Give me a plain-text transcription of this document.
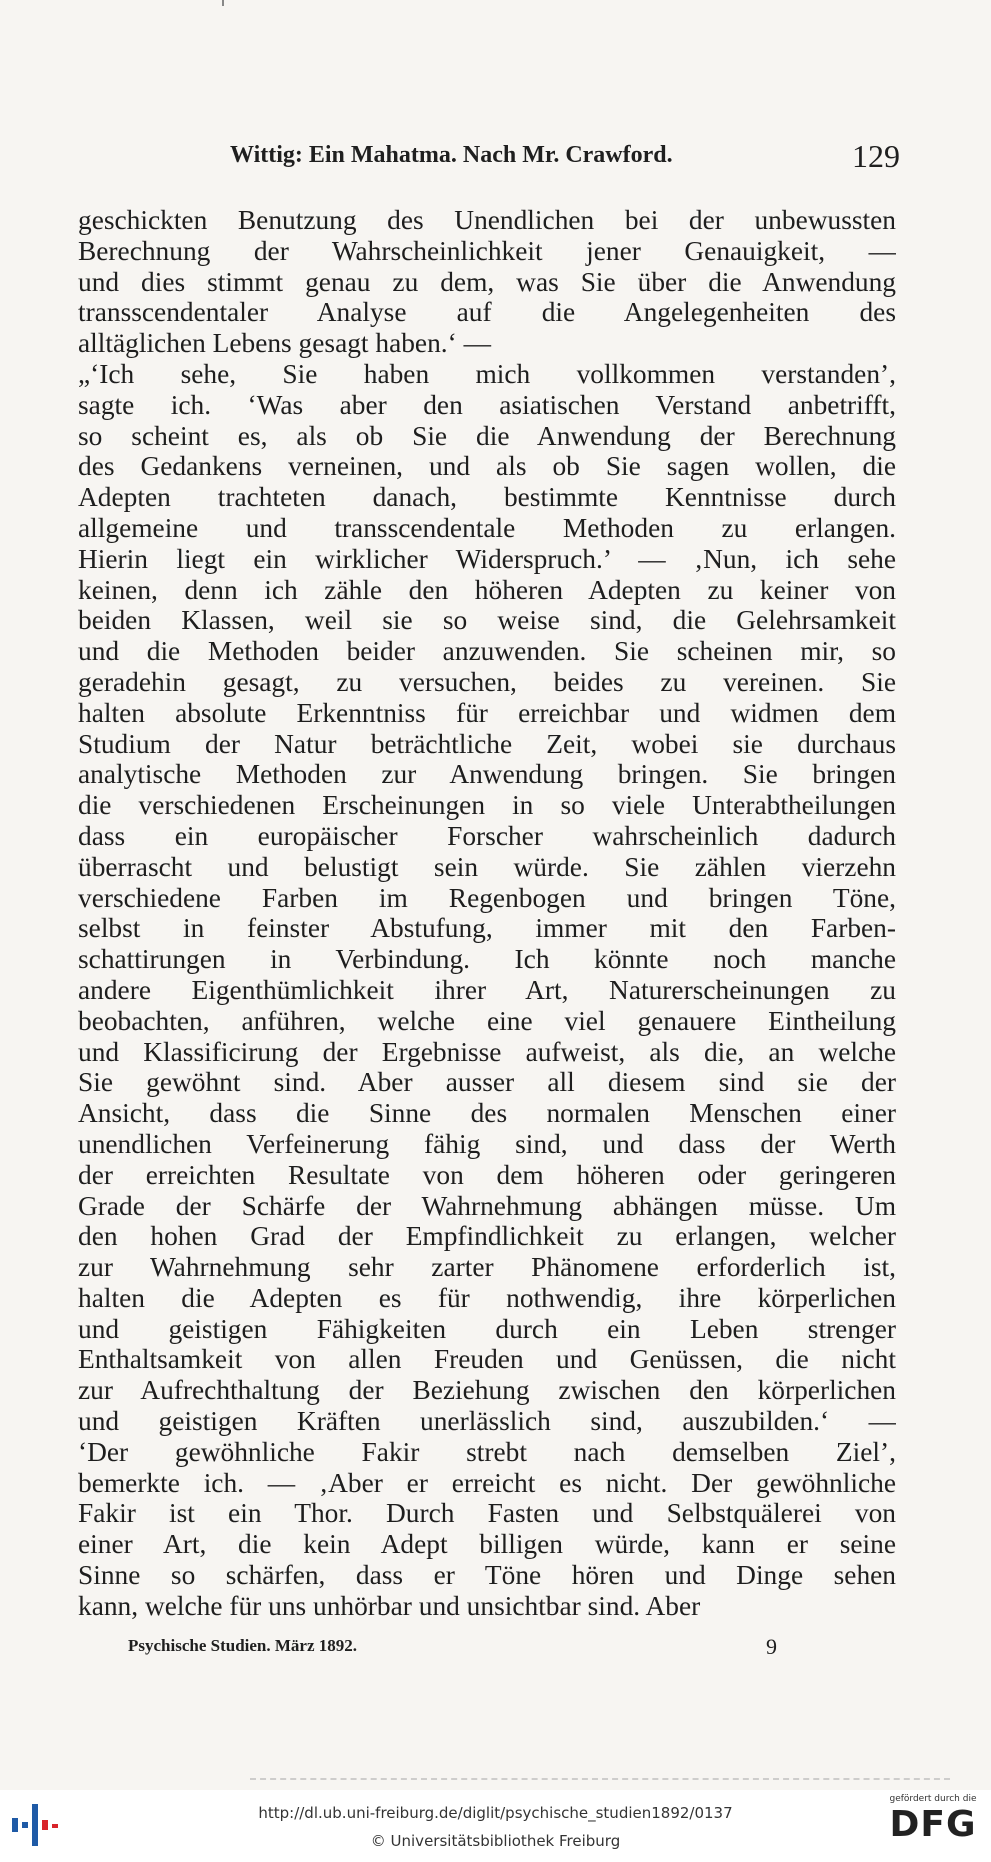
Wittig: Ein Mahatma. Nach Mr. Crawford.	129
geschickten Benutzung des Unendlichen bei der unbewussten
Berechnung der Wahrscheinlichkeit jener Genauigkeit, —
und dies stimmt genau zu dem, was Sie über die Anwendung
transscendentaler Analyse auf die Angelegenheiten des
alltäglichen Lebens gesagt haben.‘ —
„‘Ich sehe, Sie haben mich vollkommen verstanden’,
sagte ich. ‘Was aber den asiatischen Verstand anbetrifft,
so scheint es, als ob Sie die Anwendung der Berechnung
des Gedankens verneinen, und als ob Sie sagen wollen, die
Adepten trachteten danach, bestimmte Kenntnisse durch
allgemeine und transscendentale Methoden zu erlangen.
Hierin liegt ein wirklicher Widerspruch.’ — ‚Nun, ich sehe
keinen, denn ich zähle den höheren Adepten zu keiner von
beiden Klassen, weil sie so weise sind, die Gelehrsamkeit
und die Methoden beider anzuwenden. Sie scheinen mir, so
geradehin gesagt, zu versuchen, beides zu vereinen. Sie
halten absolute Erkenntniss für erreichbar und widmen dem
Studium der Natur beträchtliche Zeit, wobei sie durchaus
analytische Methoden zur Anwendung bringen. Sie bringen
die verschiedenen Erscheinungen in so viele Unterabtheilungen
dass ein europäischer Forscher wahrscheinlich dadurch
überrascht und belustigt sein würde. Sie zählen vierzehn
verschiedene Farben im Regenbogen und bringen Töne,
selbst in feinster Abstufung, immer mit den Farben-
schattirungen in Verbindung. Ich könnte noch manche
andere Eigenthümlichkeit ihrer Art, Naturerscheinungen zu
beobachten, anführen, welche eine viel genauere Eintheilung
und Klassificirung der Ergebnisse aufweist, als die, an welche
Sie gewöhnt sind. Aber ausser all diesem sind sie der
Ansicht, dass die Sinne des normalen Menschen einer
unendlichen Verfeinerung fähig sind, und dass der Werth
der erreichten Resultate von dem höheren oder geringeren
Grade der Schärfe der Wahrnehmung abhängen müsse. Um
den hohen Grad der Empfindlichkeit zu erlangen, welcher
zur Wahrnehmung sehr zarter Phänomene erforderlich ist,
halten die Adepten es für nothwendig, ihre körperlichen
und geistigen Fähigkeiten durch ein Leben strenger
Enthaltsamkeit von allen Freuden und Genüssen, die nicht
zur Aufrechthaltung der Beziehung zwischen den körperlichen
und geistigen Kräften unerlässlich sind, auszubilden.‘ —
‘Der gewöhnliche Fakir strebt nach demselben Ziel’,
bemerkte ich. — ‚Aber er erreicht es nicht. Der gewöhnliche
Fakir ist ein Thor. Durch Fasten und Selbstquälerei von
einer Art, die kein Adept billigen würde, kann er seine
Sinne so schärfen, dass er Töne hören und Dinge sehen
kann, welche für uns unhörbar und unsichtbar sind. Aber
Psychische Studien. März 1892.	9
http://dl.ub.uni-freiburg.de/diglit/psychische_studien1892/0137
© Universitätsbibliothek Freiburg
gefördert durch die
DFG
